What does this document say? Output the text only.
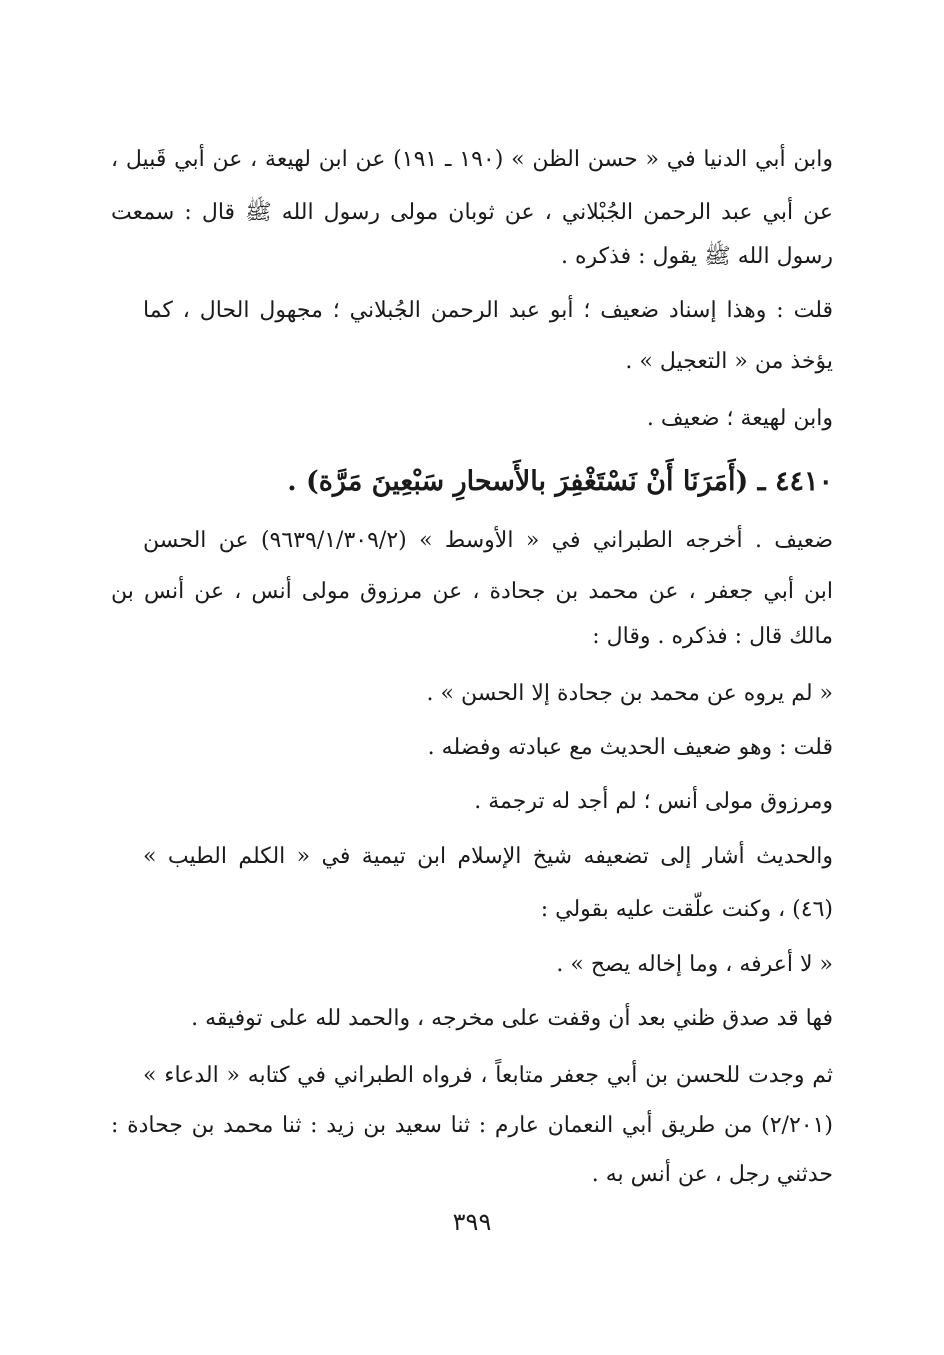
وابن أبي الدنيا في « حسن الظن » (١٩٠ ـ ١٩١) عن ابن لهيعة ، عن أبي قَبيل ،
عن أبي عبد الرحمن الجُبْلاني ، عن ثوبان مولى رسول الله ﷺ قال : سمعت
رسول الله ﷺ يقول : فذكره .
قلت : وهذا إسناد ضعيف ؛ أبو عبد الرحمن الجُبلاني ؛ مجهول الحال ، كما
يؤخذ من « التعجيل » .
وابن لهيعة ؛ ضعيف .
٤٤١٠ ـ (أَمَرَنَا أَنْ نَسْتَغْفِرَ بالأَسحارِ سَبْعِينَ مَرَّة) .
ضعيف . أخرجه الطبراني في « الأوسط » (٩٦٣٩/١/٣٠٩/٢) عن الحسن
ابن أبي جعفر ، عن محمد بن جحادة ، عن مرزوق مولى أنس ، عن أنس بن
مالك قال : فذكره . وقال :
« لم يروه عن محمد بن جحادة إلا الحسن » .
قلت : وهو ضعيف الحديث مع عبادته وفضله .
ومرزوق مولى أنس ؛ لم أجد له ترجمة .
والحديث أشار إلى تضعيفه شيخ الإسلام ابن تيمية في « الكلم الطيب »
(٤٦) ، وكنت علّقت عليه بقولي :
« لا أعرفه ، وما إخاله يصح » .
فها قد صدق ظني بعد أن وقفت على مخرجه ، والحمد لله على توفيقه .
ثم وجدت للحسن بن أبي جعفر متابعاً ، فرواه الطبراني في كتابه « الدعاء »
(٢/٢٠١) من طريق أبي النعمان عارم : ثنا سعيد بن زيد : ثنا محمد بن جحادة :
حدثني رجل ، عن أنس به .
٣٩٩
